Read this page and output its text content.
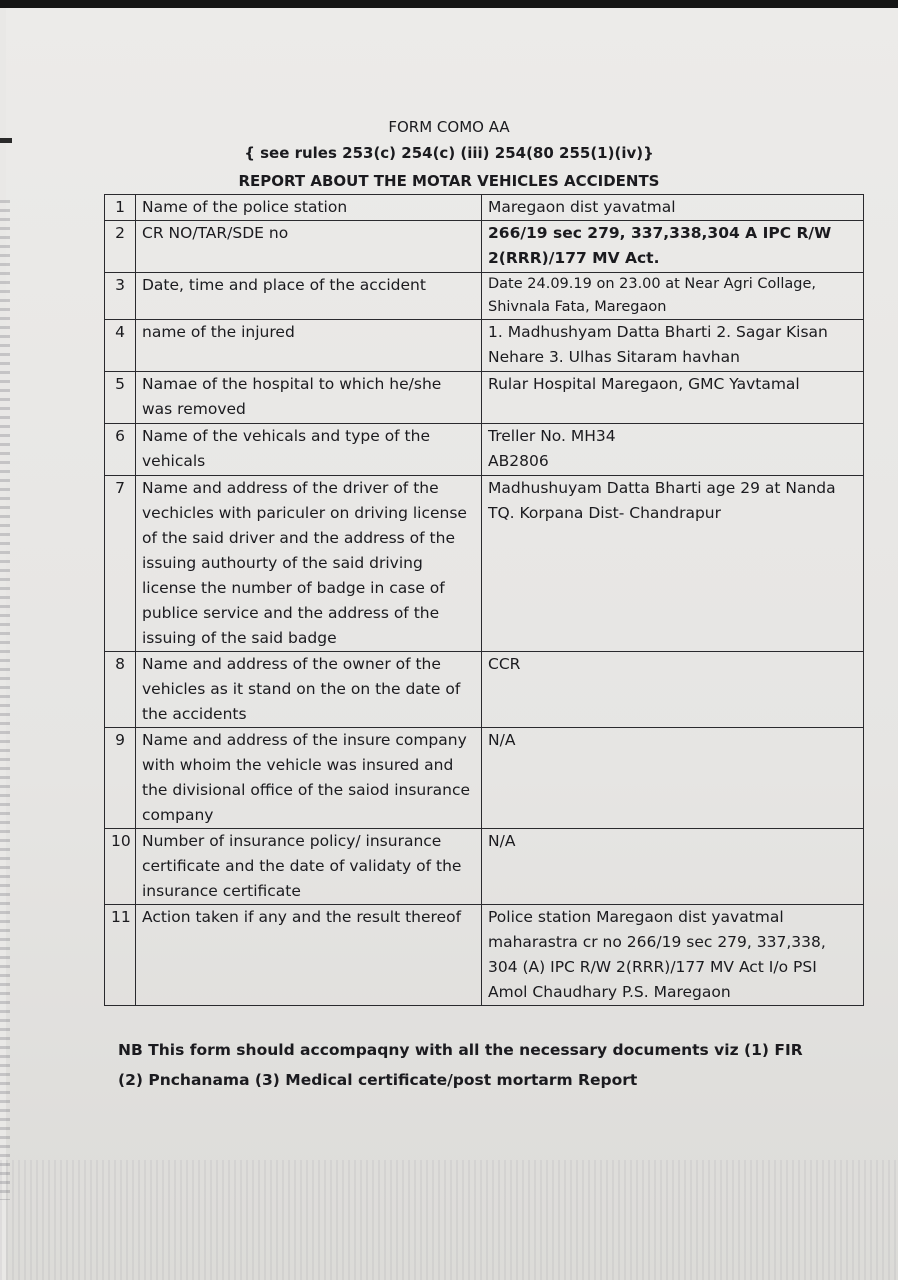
FORM COMO AA
{ see rules 253(c) 254(c) (iii) 254(80 255(1)(iv)}
REPORT ABOUT THE MOTAR VEHICLES ACCIDENTS
1	Name of the police station	Maregaon dist yavatmal
2	CR NO/TAR/SDE no	266/19 sec 279, 337,338,304 A IPC R/W 2(RRR)/177 MV Act.
3	Date, time and place of the accident	Date 24.09.19 on 23.00 at Near Agri Collage, Shivnala Fata, Maregaon
4	name of the injured	1. Madhushyam Datta Bharti 2. Sagar Kisan Nehare 3. Ulhas Sitaram havhan
5	Namae of the hospital to which he/she was removed	Rular Hospital Maregaon, GMC Yavtamal
6	Name of the vehicals and type of the vehicals	Treller No. MH34 AB2806
7	Name and address of the driver of the vechicles with pariculer on driving license of the said driver and the address of the issuing authourty of the said driving license the number of badge in case of publice service and the address of the issuing of the said badge	Madhushuyam Datta Bharti age 29 at Nanda TQ. Korpana Dist- Chandrapur
8	Name and address of the owner of the vehicles as it stand on the on the date of the accidents	CCR
9	Name and address of the insure company with whoim the vehicle was insured and the divisional office of the saiod insurance company	N/A
10	Number of insurance policy/ insurance certificate and the date of validaty of the insurance certificate	N/A
11	Action taken if any and the result thereof	Police station Maregaon dist yavatmal maharastra cr no 266/19 sec 279, 337,338, 304 (A) IPC R/W 2(RRR)/177 MV Act I/o PSI Amol Chaudhary P.S. Maregaon
NB This form should accompaqny with all the necessary documents viz (1) FIR (2) Pnchanama (3) Medical certificate/post mortarm Report
